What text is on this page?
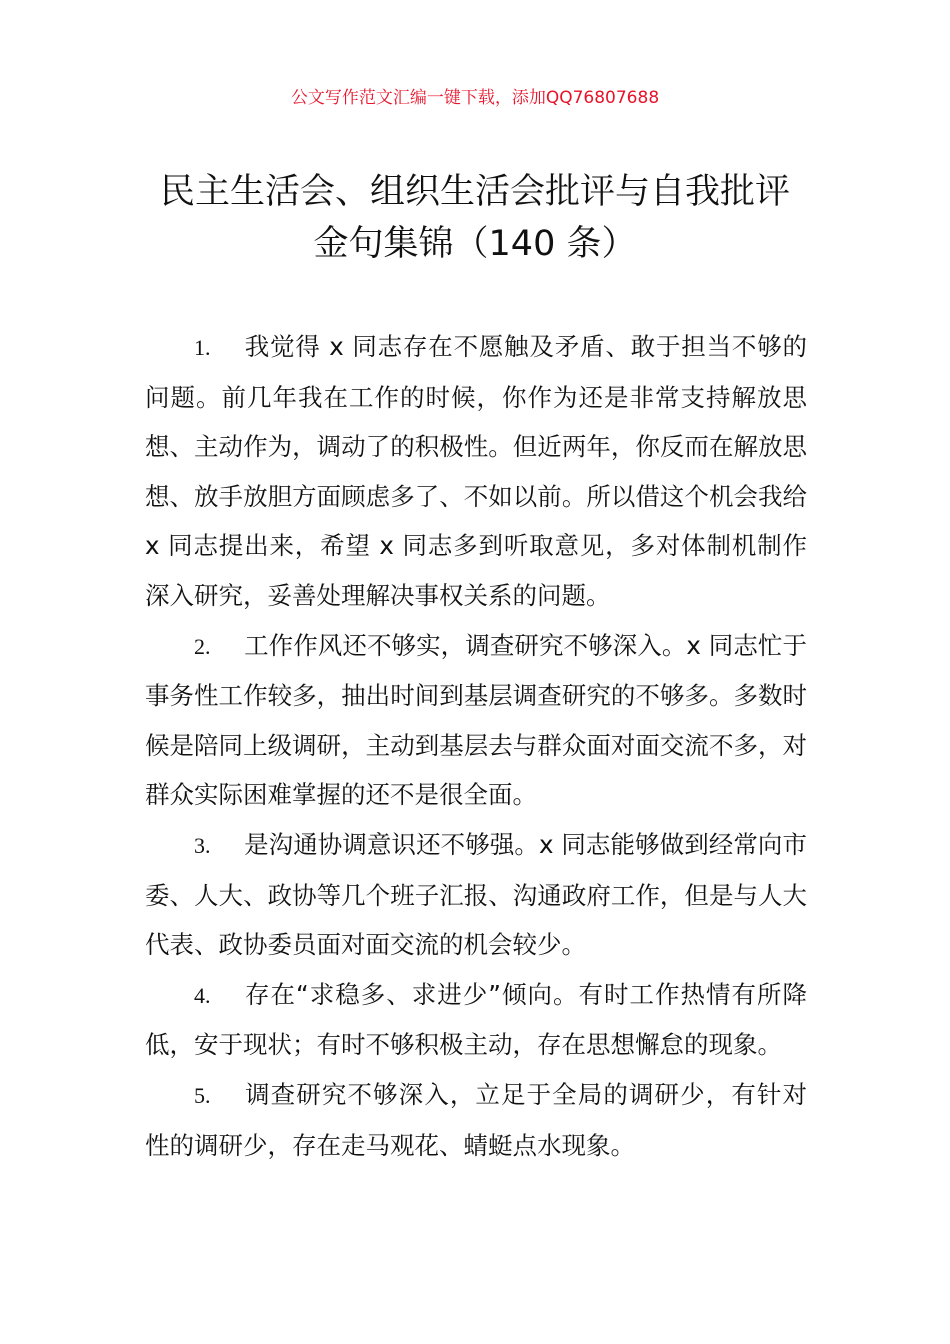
公文写作范文汇编一键下载，添加QQ76807688
民主生活会、组织生活会批评与自我批评
金句集锦（140 条）

1. 我觉得 x 同志存在不愿触及矛盾、敢于担当不够的问题。前几年我在工作的时候，你作为还是非常支持解放思想、主动作为，调动了的积极性。但近两年，你反而在解放思想、放手放胆方面顾虑多了、不如以前。所以借这个机会我给 x 同志提出来，希望 x 同志多到听取意见，多对体制机制作深入研究，妥善处理解决事权关系的问题。

2. 工作作风还不够实，调查研究不够深入。x 同志忙于事务性工作较多，抽出时间到基层调查研究的不够多。多数时候是陪同上级调研，主动到基层去与群众面对面交流不多，对群众实际困难掌握的还不是很全面。

3. 是沟通协调意识还不够强。x 同志能够做到经常向市委、人大、政协等几个班子汇报、沟通政府工作，但是与人大代表、政协委员面对面交流的机会较少。

4. 存在“求稳多、求进少”倾向。有时工作热情有所降低，安于现状；有时不够积极主动，存在思想懈怠的现象。

5. 调查研究不够深入，立足于全局的调研少，有针对性的调研少，存在走马观花、蜻蜓点水现象。
